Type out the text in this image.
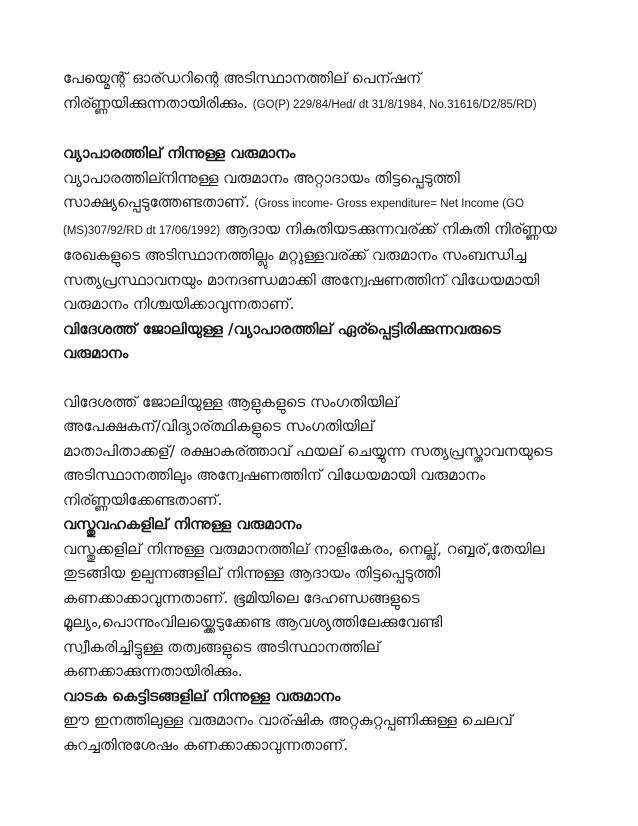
പേയ്മെന്റ് ഓര്ഡറിന്റെ അടിസ്ഥാനത്തില് പെന്ഷന്

നിര്ണ്ണയിക്കുന്നതായിരിക്കും. (GO(P) 229/84/Hed/ dt 31/8/1984, No.31616/D2/85/RD)

വ്യാപാരത്തില് നിന്നുള്ള വരുമാനം

വ്യാപാരത്തില്നിന്നുള്ള വരുമാനം അറ്റാദായം തിട്ടപ്പെടുത്തി

സാക്ഷ്യപ്പെടുത്തേണ്ടതാണ്. (Gross income- Gross expenditure= Net Income (GO

(MS)307/92/RD dt 17/06/1992) ആദായ നികുതിയടക്കുന്നവര്ക്ക് നികുതി നിര്ണ്ണയ

രേഖകളുടെ അടിസ്ഥാനത്തില്ലും മറ്റുള്ളവര്ക്ക് വരുമാനം സംബന്ധിച്ച

സത്യപ്രസ്ഥാവനയും മാനദണ്ഡമാക്കി അന്വേഷണത്തിന് വിധേയമായി

വരുമാനം നിശ്ചയിക്കാവുന്നതാണ്.

വിദേശത്ത് ജോലിയുള്ള /വ്യാപാരത്തില് ഏര്പ്പെട്ടിരിക്കുന്നവരുടെ

വരുമാനം

വിദേശത്ത് ജോലിയുള്ള ആളുകളുടെ സംഗതിയില്

അപേക്ഷകന്/വിദ്യാര്ത്ഥികളുടെ സംഗതിയില്

മാതാപിതാക്കള്/ രക്ഷാകര്ത്താവ് ഫയല് ചെയ്യുന്ന സത്യപ്രസ്താവനയുടെ

അടിസ്ഥാനത്തിലും അന്വേഷണത്തിന് വിധേയമായി വരുമാനം

നിര്ണ്ണയിക്കേണ്ടതാണ്.

വസ്തുവഹകളില് നിന്നുള്ള വരുമാനം

വസ്തുക്കളില് നിന്നുള്ള വരുമാനത്തില് നാളികേരം, നെല്ല്, റബ്ബര്,തേയില

തുടങ്ങിയ ഉല്പന്നങ്ങളില് നിന്നുള്ള ആദായം തിട്ടപ്പെടുത്തി

കണക്കാക്കാവുന്നതാണ്. ഭൂമിയിലെ ദേഹണ്ഡങ്ങളുടെ

മൂല്യം,പൊന്നുംവിലയ്ക്കെടുക്കേണ്ട ആവശ്യത്തിലേക്കുവേണ്ടി

സ്വീകരിച്ചിട്ടുള്ള തത്വങ്ങളുടെ അടിസ്ഥാനത്തില്

കണക്കാക്കുന്നതായിരിക്കും.

വാടക കെട്ടിടങ്ങളില് നിന്നുള്ള വരുമാനം

ഈ ഇനത്തിലുള്ള വരുമാനം വാര്ഷിക അറ്റകുറ്റപ്പണിക്കുള്ള ചെലവ്

കുറച്ചതിനുശേഷം കണക്കാക്കാവുന്നതാണ്.
